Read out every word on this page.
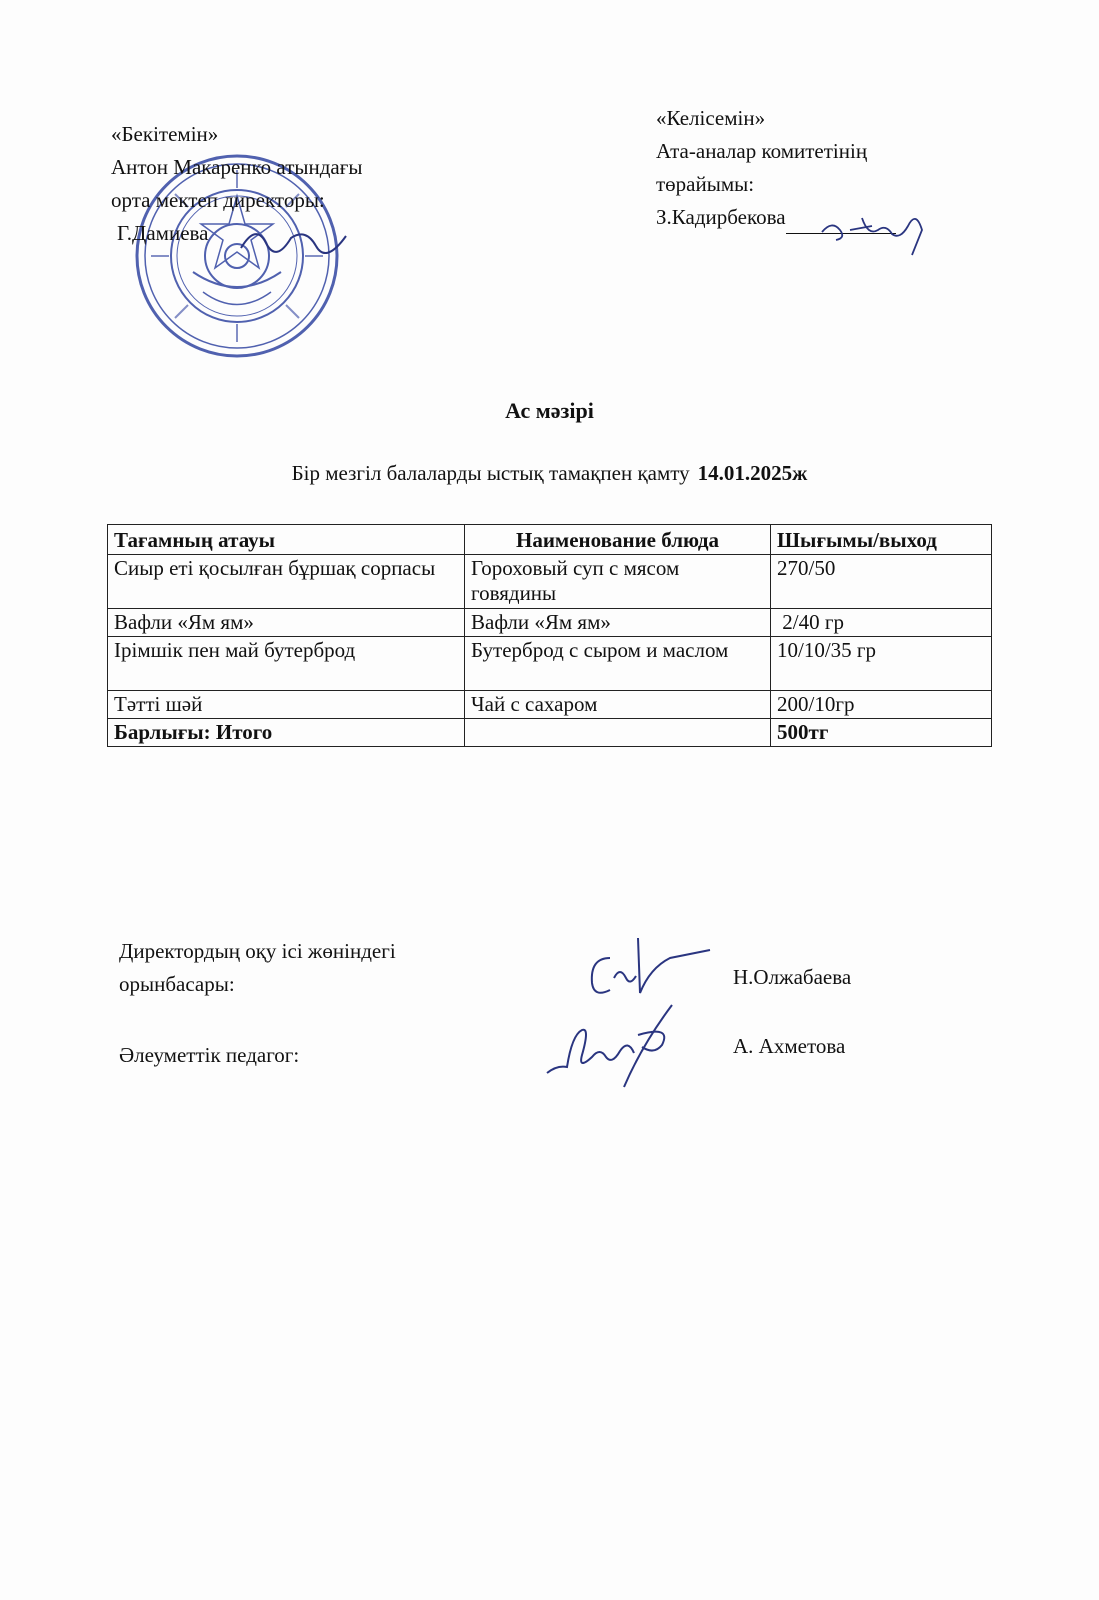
«Бекітемін»
Антон Макаренко атындағы
орта мектеп директоры:
Г.Дамиева
«Келісемін»
Ата-аналар комитетінің
төрайымы:
З.Кадирбекова
Ас мәзірі
Бір мезгіл балаларды ыстық тамақпен қамту 14.01.2025ж
Тағамның атауы	Наименование блюда	Шығымы/выход
Сиыр еті қосылған бұршақ сорпасы	Гороховый суп с мясом говядины	270/50
Вафли «Ям ям»	Вафли «Ям ям»	2/40 гр
Ірімшік пен май бутерброд	Бутерброд с сыром и маслом	10/10/35 гр
Тәтті шәй	Чай с сахаром	200/10гр
Барлығы: Итого		500тг
Директордың оқу ісі жөніндегі
орынбасары:	Н.Олжабаева
Әлеуметтік педагог:	А. Ахметова
